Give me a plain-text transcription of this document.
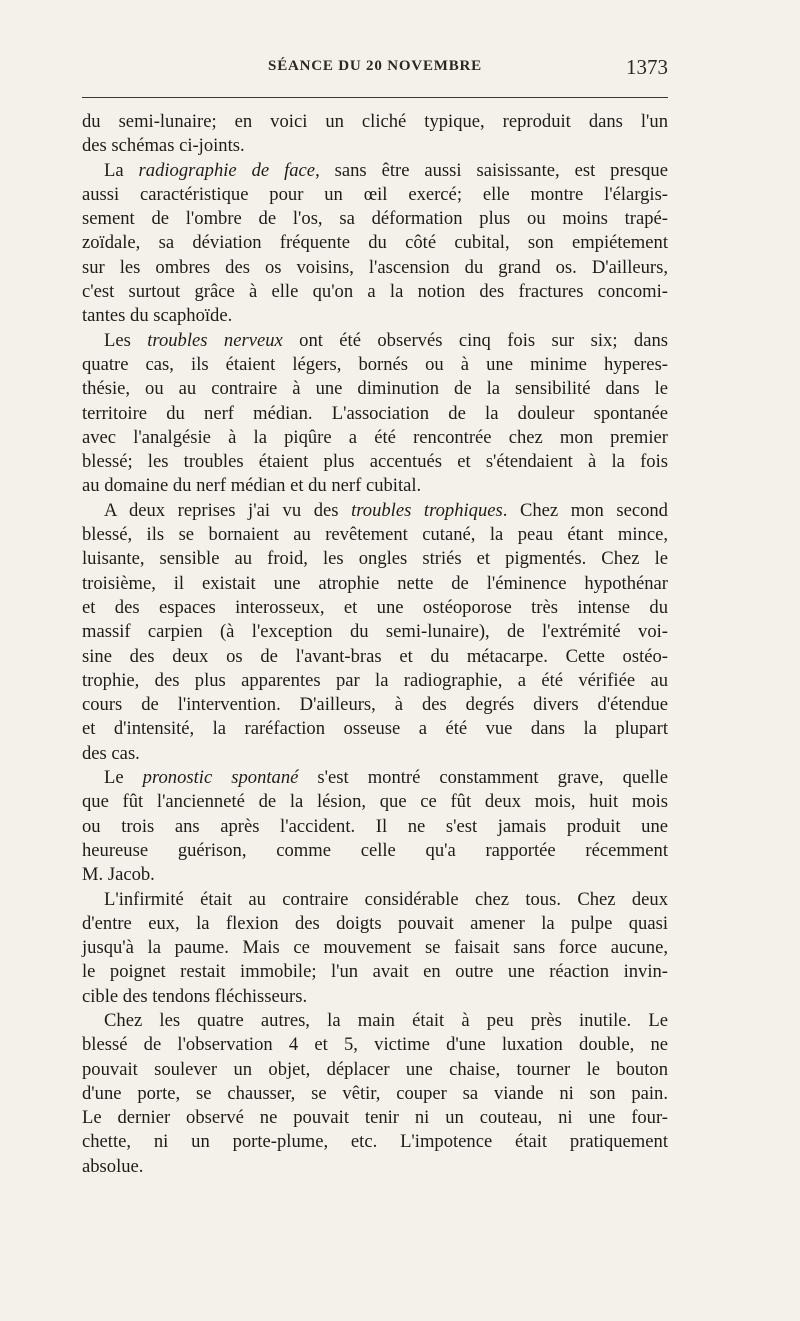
SÉANCE DU 20 NOVEMBRE	1373
du semi-lunaire; en voici un cliché typique, reproduit dans l'un
des schémas ci-joints.
La radiographie de face, sans être aussi saisissante, est presque
aussi caractéristique pour un œil exercé; elle montre l'élargis-
sement de l'ombre de l'os, sa déformation plus ou moins trapé-
zoïdale, sa déviation fréquente du côté cubital, son empiétement
sur les ombres des os voisins, l'ascension du grand os. D'ailleurs,
c'est surtout grâce à elle qu'on a la notion des fractures concomi-
tantes du scaphoïde.
Les troubles nerveux ont été observés cinq fois sur six; dans
quatre cas, ils étaient légers, bornés ou à une minime hyperes-
thésie, ou au contraire à une diminution de la sensibilité dans le
territoire du nerf médian. L'association de la douleur spontanée
avec l'analgésie à la piqûre a été rencontrée chez mon premier
blessé; les troubles étaient plus accentués et s'étendaient à la fois
au domaine du nerf médian et du nerf cubital.
A deux reprises j'ai vu des troubles trophiques. Chez mon second
blessé, ils se bornaient au revêtement cutané, la peau étant mince,
luisante, sensible au froid, les ongles striés et pigmentés. Chez le
troisième, il existait une atrophie nette de l'éminence hypothénar
et des espaces interosseux, et une ostéoporose très intense du
massif carpien (à l'exception du semi-lunaire), de l'extrémité voi-
sine des deux os de l'avant-bras et du métacarpe. Cette ostéo-
trophie, des plus apparentes par la radiographie, a été vérifiée au
cours de l'intervention. D'ailleurs, à des degrés divers d'étendue
et d'intensité, la raréfaction osseuse a été vue dans la plupart
des cas.
Le pronostic spontané s'est montré constamment grave, quelle
que fût l'ancienneté de la lésion, que ce fût deux mois, huit mois
ou trois ans après l'accident. Il ne s'est jamais produit une
heureuse guérison, comme celle qu'a rapportée récemment
M. Jacob.
L'infirmité était au contraire considérable chez tous. Chez deux
d'entre eux, la flexion des doigts pouvait amener la pulpe quasi
jusqu'à la paume. Mais ce mouvement se faisait sans force aucune,
le poignet restait immobile; l'un avait en outre une réaction invin-
cible des tendons fléchisseurs.
Chez les quatre autres, la main était à peu près inutile. Le
blessé de l'observation 4 et 5, victime d'une luxation double, ne
pouvait soulever un objet, déplacer une chaise, tourner le bouton
d'une porte, se chausser, se vêtir, couper sa viande ni son pain.
Le dernier observé ne pouvait tenir ni un couteau, ni une four-
chette, ni un porte-plume, etc. L'impotence était pratiquement
absolue.
